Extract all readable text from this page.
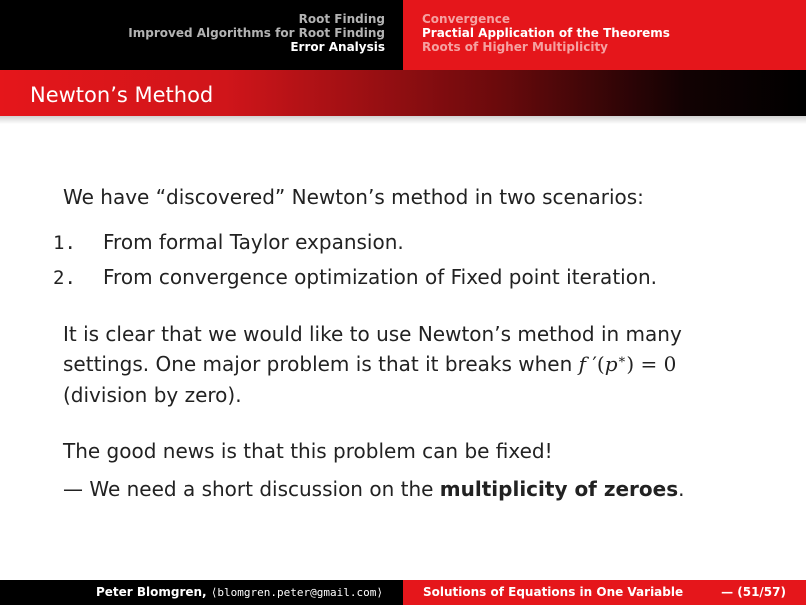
Root Finding
Improved Algorithms for Root Finding
Error Analysis
Convergence
Practial Application of the Theorems
Roots of Higher Multiplicity
Newton’s Method
We have “discovered” Newton’s method in two scenarios:
1. From formal Taylor expansion.
2. From convergence optimization of Fixed point iteration.
It is clear that we would like to use Newton’s method in many
settings. One major problem is that it breaks when f ′(p∗) = 0
(division by zero).
The good news is that this problem can be fixed!
— We need a short discussion on the multiplicity of zeroes.
Peter Blomgren, ⟨blomgren.peter@gmail.com⟩	Solutions of Equations in One Variable	— (51/57)
